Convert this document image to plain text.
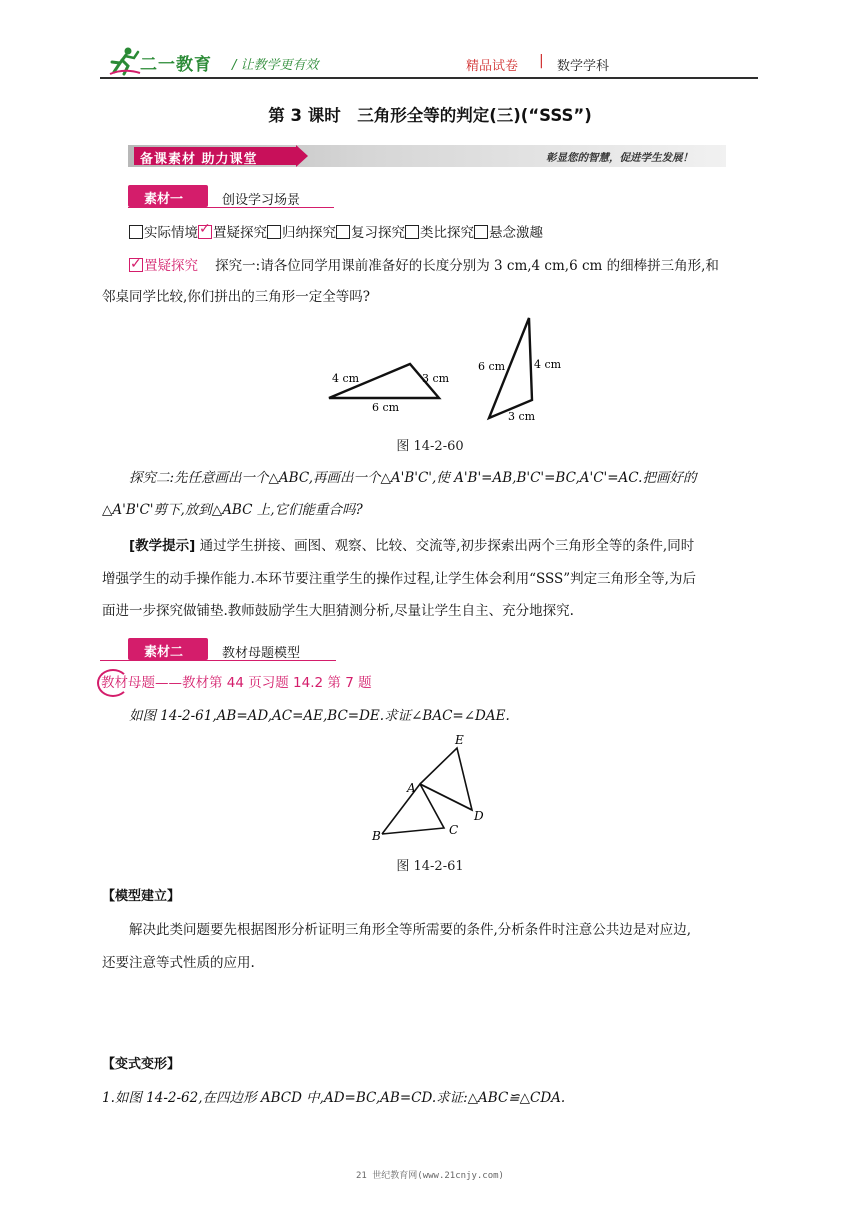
二一教育 / 让教学更有效	精品试卷 | 数学学科
第 3 课时　三角形全等的判定(三)(“SSS”)
备课素材 助力课堂	彰显您的智慧，促进学生发展！
素材一	创设学习场景
实际情境✓ 置疑探究 归纳探究 复习探究 类比探究 悬念激趣
✓置疑探究 探究一:请各位同学用课前准备好的长度分别为 3 cm,4 cm,6 cm 的细棒拼三角形,和
邻桌同学比较,你们拼出的三角形一定全等吗?
4 cm	3 cm
6 cm
6 cm	4 cm
3 cm
图 14-2-60
探究二:先任意画出一个△ABC,再画出一个△A'B'C',使 A'B'=AB,B'C'=BC,A'C'=AC.把画好的
△A'B'C'剪下,放到△ABC 上,它们能重合吗?
[教学提示] 通过学生拼接、画图、观察、比较、交流等,初步探索出两个三角形全等的条件,同时
增强学生的动手操作能力.本环节要注重学生的操作过程,让学生体会利用“SSS”判定三角形全等,为后
面进一步探究做铺垫.教师鼓励学生大胆猜测分析,尽量让学生自主、充分地探究.
素材二	教材母题模型
教材母题——教材第 44 页习题 14.2 第 7 题
如图 14-2-61,AB=AD,AC=AE,BC=DE.求证∠BAC=∠DAE.
A
B	C
D
E
图 14-2-61
【模型建立】
解决此类问题要先根据图形分析证明三角形全等所需要的条件,分析条件时注意公共边是对应边,
还要注意等式性质的应用.
【变式变形】
1.如图 14-2-62,在四边形 ABCD 中,AD=BC,AB=CD.求证:△ABC≌△CDA.
21 世纪教育网(www.21cnjy.com)
